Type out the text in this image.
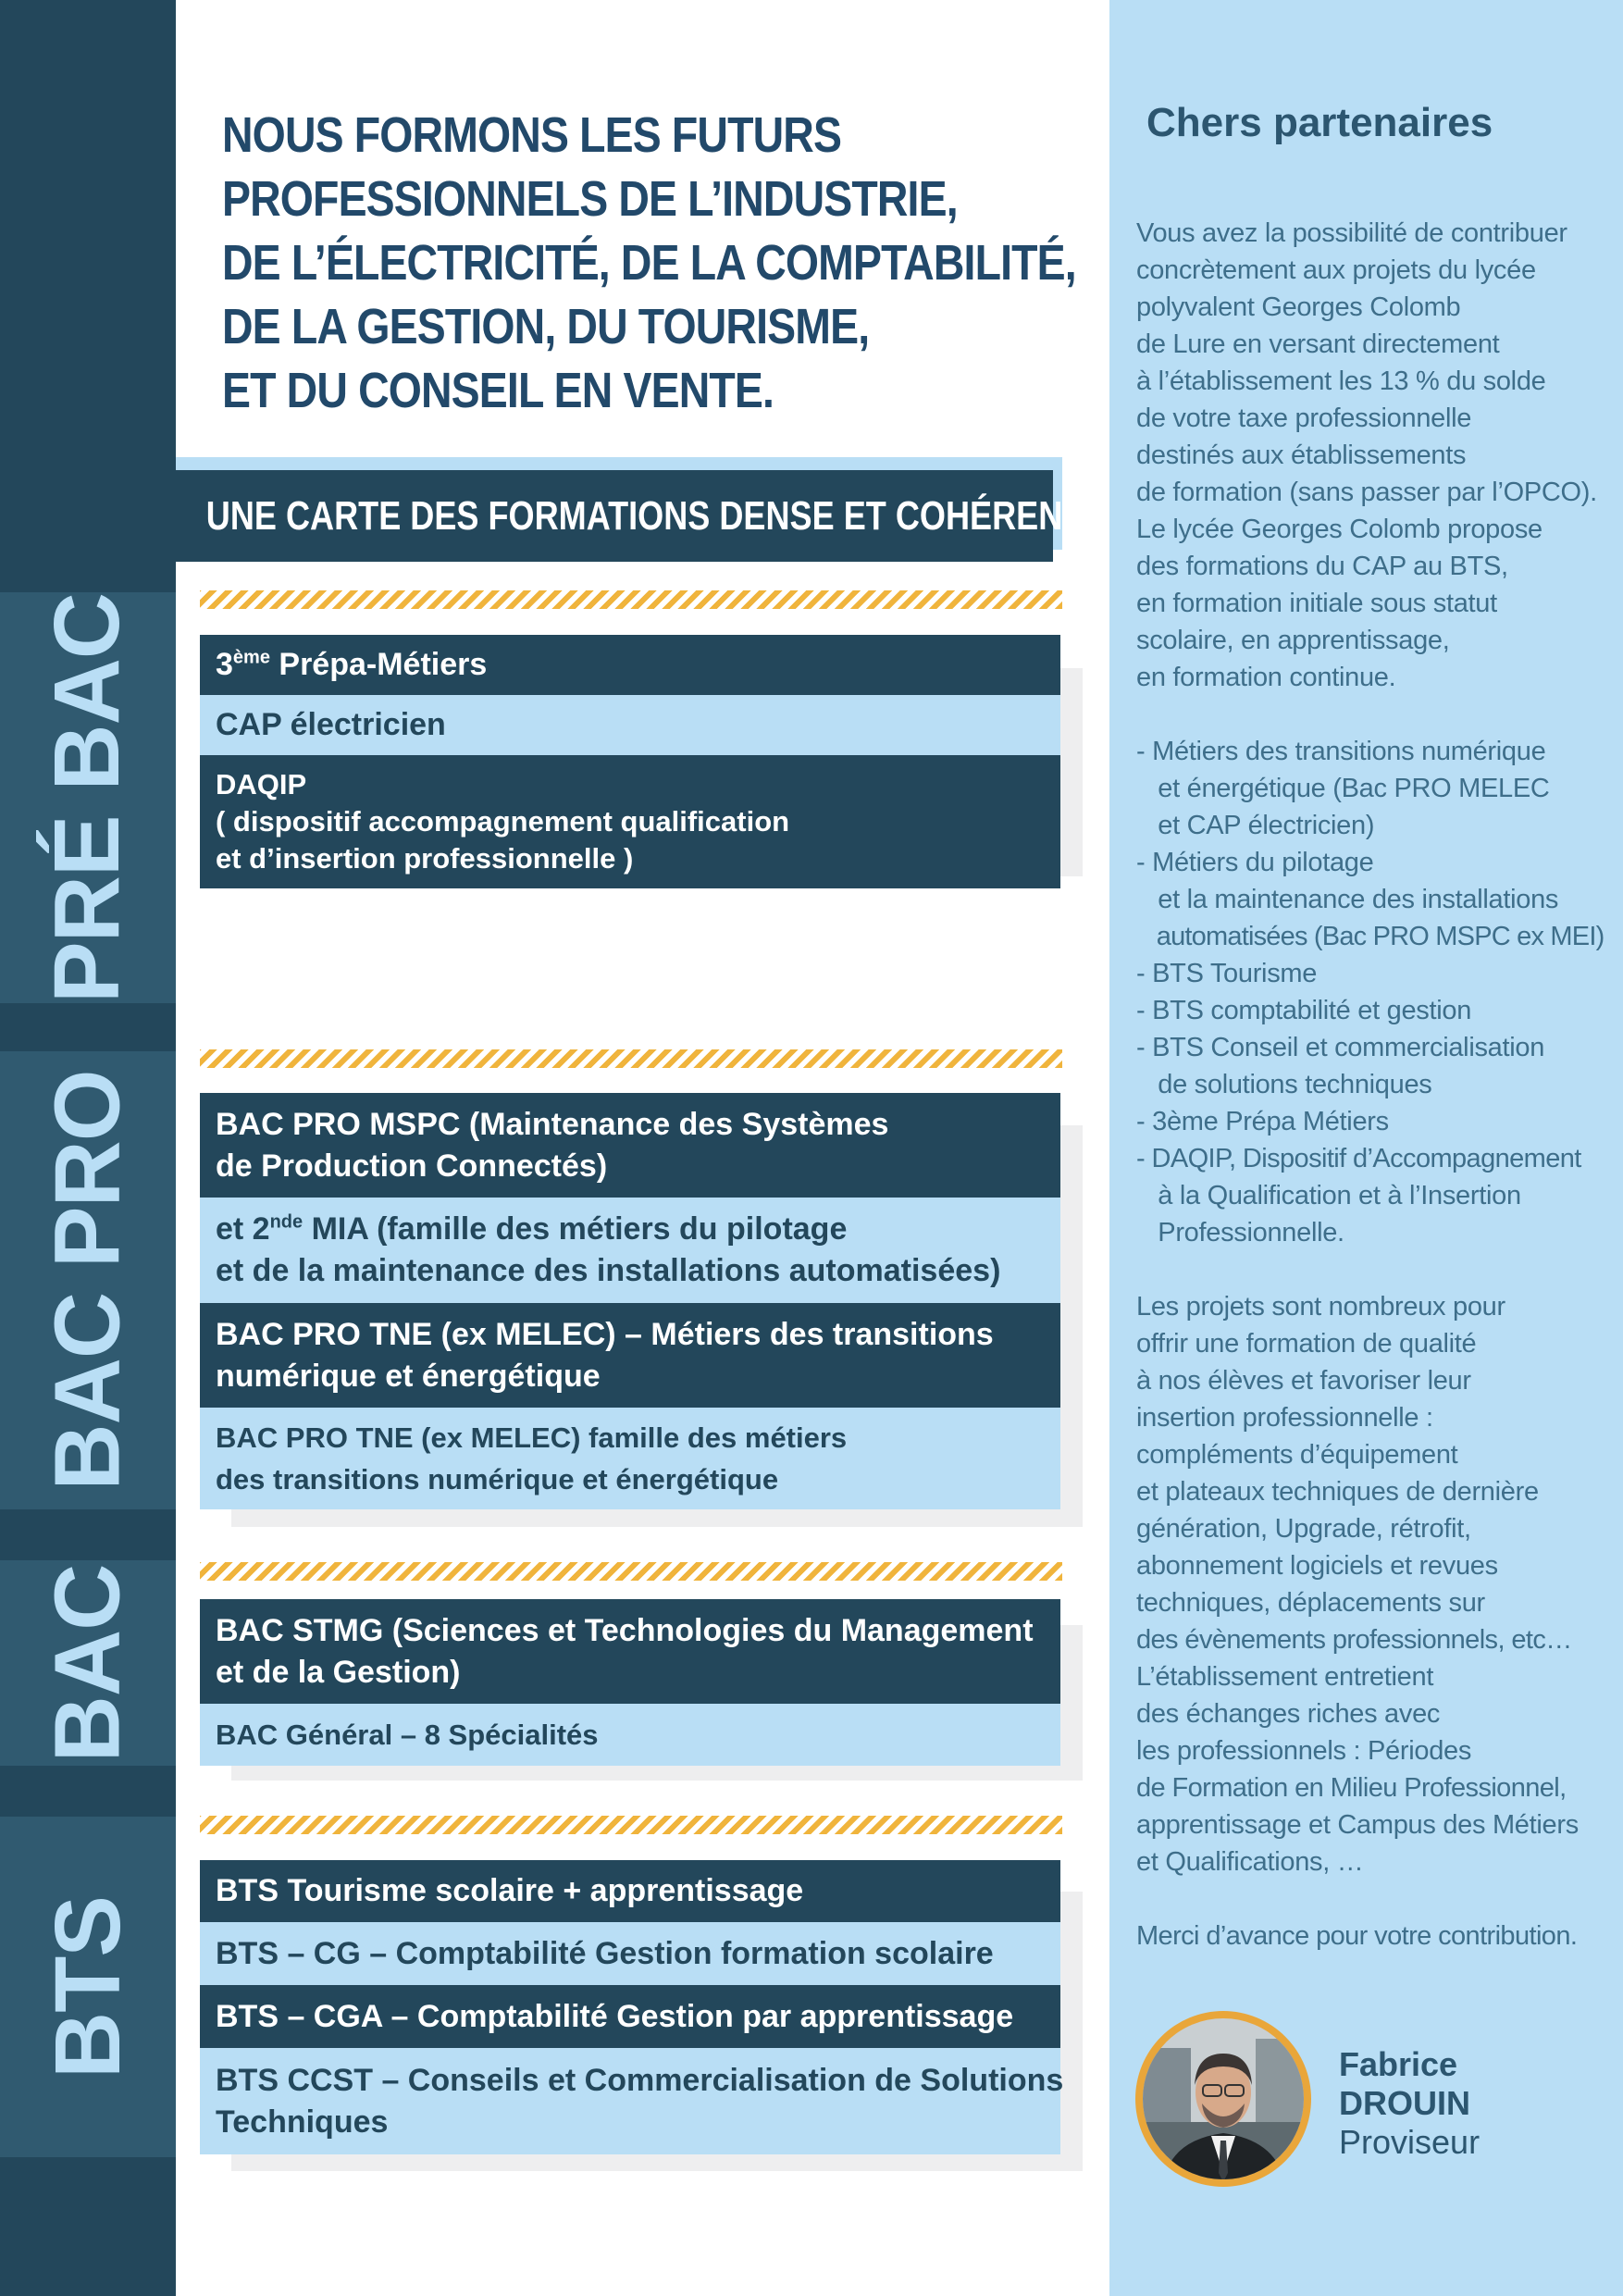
PRÉ BAC
BAC PRO
BAC
BTS
NOUS FORMONS LES FUTURS
PROFESSIONNELS DE L’INDUSTRIE,
DE L’ÉLECTRICITÉ, DE LA COMPTABILITÉ,
DE LA GESTION, DU TOURISME,
ET DU CONSEIL EN VENTE.
UNE CARTE DES FORMATIONS DENSE ET COHÉRENTE
3ème Prépa-Métiers
CAP électricien
DAQIP
( dispositif accompagnement qualification
et d’insertion professionnelle )
BAC PRO MSPC (Maintenance des Systèmes
de Production Connectés)
et 2nde MIA (famille des métiers du pilotage
et de la maintenance des installations automatisées)
BAC PRO TNE (ex MELEC) – Métiers des transitions
numérique et énergétique
BAC PRO TNE (ex MELEC) famille des métiers
des transitions numérique et énergétique
BAC STMG (Sciences et Technologies du Management
et de la Gestion)
BAC Général – 8 Spécialités
BTS Tourisme scolaire + apprentissage
BTS – CG – Comptabilité Gestion formation scolaire
BTS – CGA – Comptabilité Gestion par apprentissage
BTS CCST – Conseils et Commercialisation de Solutions
Techniques
Chers partenaires
Vous avez la possibilité de contribuer
concrètement aux projets du lycée
polyvalent Georges Colomb
de Lure en versant directement
à l’établissement les 13 % du solde
de votre taxe professionnelle
destinés aux établissements
de formation (sans passer par l’OPCO).
Le lycée Georges Colomb propose
des formations du CAP au BTS,
en formation initiale sous statut
scolaire, en apprentissage,
en formation continue.
- Métiers des transitions numérique
et énergétique (Bac PRO MELEC
et CAP électricien)
- Métiers du pilotage
et la maintenance des installations
automatisées (Bac PRO MSPC ex MEI)
- BTS Tourisme
- BTS comptabilité et gestion
- BTS Conseil et commercialisation
de solutions techniques
- 3ème Prépa Métiers
- DAQIP, Dispositif d’Accompagnement
à la Qualification et à l’Insertion
Professionnelle.
Les projets sont nombreux pour
offrir une formation de qualité
à nos élèves et favoriser leur
insertion professionnelle :
compléments d’équipement
et plateaux techniques de dernière
génération, Upgrade, rétrofit,
abonnement logiciels et revues
techniques, déplacements sur
des évènements professionnels, etc…
L’établissement entretient
des échanges riches avec
les professionnels : Périodes
de Formation en Milieu Professionnel,
apprentissage et Campus des Métiers
et Qualifications, …
Merci d’avance pour votre contribution.
Fabrice
DROUIN
Proviseur
